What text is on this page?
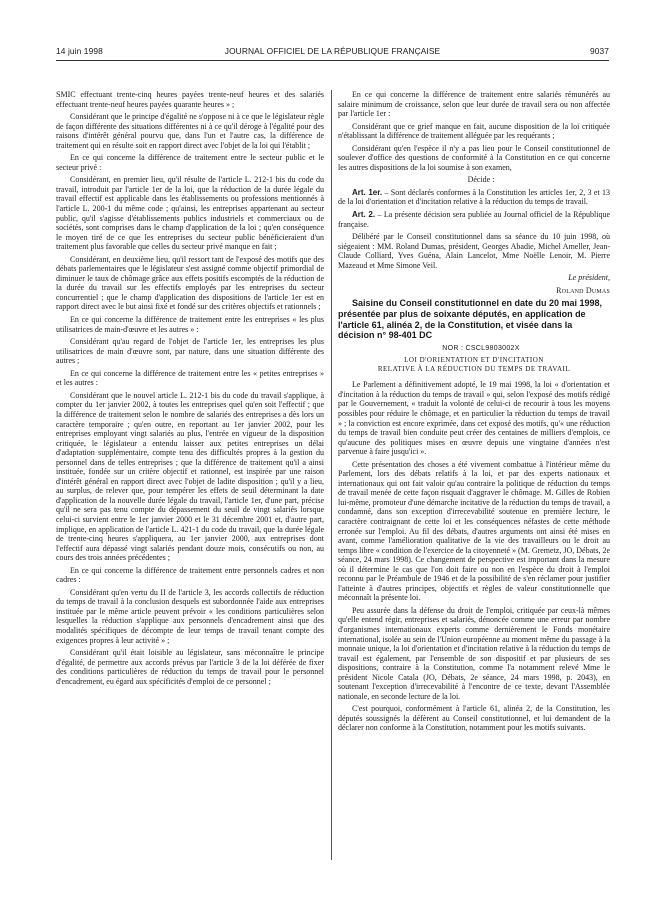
14 juin 1998	JOURNAL OFFICIEL DE LA RÉPUBLIQUE FRANÇAISE	9037

SMIC effectuant trente-cinq heures payées trente-neuf heures et des salariés effectuant trente-neuf heures payées quarante heures » ;

Considérant que le principe d'égalité ne s'oppose ni à ce que le législateur règle de façon différente des situations différentes ni à ce qu'il déroge à l'égalité pour des raisons d'intérêt général pourvu que, dans l'un et l'autre cas, la différence de traitement qui en résulte soit en rapport direct avec l'objet de la loi qui l'établit ;

En ce qui concerne la différence de traitement entre le secteur public et le secteur privé :

Considérant, en premier lieu, qu'il résulte de l'article L. 212-1 bis du code du travail, introduit par l'article 1er de la loi, que la réduction de la durée légale du travail effectif est applicable dans les établissements ou professions mentionnés à l'article L. 200-1 du même code ; qu'ainsi, les entreprises appartenant au secteur public, qu'il s'agisse d'établissements publics industriels et commerciaux ou de sociétés, sont comprises dans le champ d'application de la loi ; qu'en conséquence le moyen tiré de ce que les entreprises du secteur public bénéficieraient d'un traitement plus favorable que celles du secteur privé manque en fait ;

Considérant, en deuxième lieu, qu'il ressort tant de l'exposé des motifs que des débats parlementaires que le législateur s'est assigné comme objectif primordial de diminuer le taux de chômage grâce aux effets positifs escomptés de la réduction de la durée du travail sur les effectifs employés par les entreprises du secteur concurrentiel ; que le champ d'application des dispositions de l'article 1er est en rapport direct avec le but ainsi fixé et fondé sur des critères objectifs et rationnels ;

En ce qui concerne la différence de traitement entre les entreprises « les plus utilisatrices de main-d'œuvre et les autres » :

Considérant qu'au regard de l'objet de l'article 1er, les entreprises les plus utilisatrices de main d'œuvre sont, par nature, dans une situation différente des autres ;

En ce qui concerne la différence de traitement entre les « petites entreprises » et les autres :

Considérant que le nouvel article L. 212-1 bis du code du travail s'applique, à compter du 1er janvier 2002, à toutes les entreprises quel qu'en soit l'effectif ; que la différence de traitement selon le nombre de salariés des entreprises a dès lors un caractère temporaire ; qu'en outre, en reportant au 1er janvier 2002, pour les entreprises employant vingt salariés au plus, l'entrée en vigueur de la disposition critiquée, le législateur a entendu laisser aux petites entreprises un délai d'adaptation supplémentaire, compte tenu des difficultés propres à la gestion du personnel dans de telles entreprises ; que la différence de traitement qu'il a ainsi instituée, fondée sur un critère objectif et rationnel, est inspirée par une raison d'intérêt général en rapport direct avec l'objet de ladite disposition ; qu'il y a lieu, au surplus, de relever que, pour tempérer les effets de seuil déterminant la date d'application de la nouvelle durée légale du travail, l'article 1er, d'une part, précise qu'il ne sera pas tenu compte du dépassement du seuil de vingt salariés lorsque celui-ci survient entre le 1er janvier 2000 et le 31 décembre 2001 et, d'autre part, implique, en application de l'article L. 421-1 du code du travail, que la durée légale de trente-cinq heures s'appliquera, au 1er janvier 2000, aux entreprises dont l'effectif aura dépassé vingt salariés pendant douze mois, consécutifs ou non, au cours des trois années précédentes ;

En ce qui concerne la différence de traitement entre personnels cadres et non cadres :

Considérant qu'en vertu du II de l'article 3, les accords collectifs de réduction du temps de travail à la conclusion desquels est subordonnée l'aide aux entreprises instituée par le même article peuvent prévoir « les conditions particulières selon lesquelles la réduction s'applique aux personnels d'encadrement ainsi que des modalités spécifiques de décompte de leur temps de travail tenant compte des exigences propres à leur activité » ;

Considérant qu'il était loisible au législateur, sans méconnaître le principe d'égalité, de permettre aux accords prévus par l'article 3 de la loi déférée de fixer des conditions particulières de réduction du temps de travail pour le personnel d'encadrement, eu égard aux spécificités d'emploi de ce personnel ;

En ce qui concerne la différence de traitement entre salariés rémunérés au salaire minimum de croissance, selon que leur durée de travail sera ou non affectée par l'article 1er :

Considérant que ce grief manque en fait, aucune disposition de la loi critiquée n'établissant la différence de traitement alléguée par les requérants ;

Considérant qu'en l'espèce il n'y a pas lieu pour le Conseil constitutionnel de soulever d'office des questions de conformité à la Constitution en ce qui concerne les autres dispositions de la loi soumise à son examen,

Décide :

Art. 1er. – Sont déclarés conformes à la Constitution les articles 1er, 2, 3 et 13 de la loi d'orientation et d'incitation relative à la réduction du temps de travail.

Art. 2. – La présente décision sera publiée au Journal officiel de la République française.

Délibéré par le Conseil constitutionnel dans sa séance du 10 juin 1998, où siégeaient : MM. Roland Dumas, président, Georges Abadie, Michel Ameller, Jean-Claude Colliard, Yves Guéna, Alain Lancelot, Mme Noëlle Lenoir, M. Pierre Mazeaud et Mme Simone Veil.

Le président,

Roland Dumas

Saisine du Conseil constitutionnel en date du 20 mai 1998, présentée par plus de soixante députés, en application de l'article 61, alinéa 2, de la Constitution, et visée dans la décision n° 98-401 DC

NOR : CSCL9803002X

LOI D'ORIENTATION ET D'INCITATION
RELATIVE À LA RÉDUCTION DU TEMPS DE TRAVAIL

Le Parlement a définitivement adopté, le 19 mai 1998, la loi « d'orientation et d'incitation à la réduction du temps de travail » qui, selon l'exposé des motifs rédigé par le Gouvernement, « traduit la volonté de celui-ci de recourir à tous les moyens possibles pour réduire le chômage, et en particulier la réduction du temps de travail » ; la conviction est encore exprimée, dans cet exposé des motifs, qu'« une réduction du temps de travail bien conduite peut créer des centaines de milliers d'emplois, ce qu'aucune des politiques mises en œuvre depuis une vingtaine d'années n'est parvenue à faire jusqu'ici ».

Cette présentation des choses a été vivement combattue à l'intérieur même du Parlement, lors des débats relatifs à la loi, et par des experts nationaux et internationaux qui ont fait valoir qu'au contraire la politique de réduction du temps de travail menée de cette façon risquait d'aggraver le chômage. M. Gilles de Robien lui-même, promoteur d'une démarche incitative de la réduction du temps de travail, a condamné, dans son exception d'irrecevabilité soutenue en première lecture, le caractère contraignant de cette loi et les conséquences néfastes de cette méthode erronée sur l'emploi. Au fil des débats, d'autres arguments ont ainsi été mises en avant, comme l'amélioration qualitative de la vie des travailleurs ou le droit au temps libre « condition de l'exercice de la citoyenneté » (M. Gremetz, JO, Débats, 2e séance, 24 mars 1998). Ce changement de perspective est important dans la mesure où il détermine le cas que l'on doit faire ou non en l'espèce du droit à l'emploi reconnu par le Préambule de 1946 et de la possibilité de s'en réclamer pour justifier l'atteinte à d'autres principes, objectifs et règles de valeur constitutionnelle que méconnaît la présente loi.

Peu assurée dans la défense du droit de l'emploi, critiquée par ceux-là mêmes qu'elle entend régir, entreprises et salariés, dénoncée comme une erreur par nombre d'organismes internationaux experts comme dernièrement le Fonds monétaire international, isolée au sein de l'Union européenne au moment même du passage à la monnaie unique, la loi d'orientation et d'incitation relative à la réduction du temps de travail est également, par l'ensemble de son dispositif et par plusieurs de ses dispositions, contraire à la Constitution, comme l'a notamment relevé Mme le président Nicole Catala (JO, Débats, 2e séance, 24 mars 1998, p. 2043), en soutenant l'exception d'irrecevabilité à l'encontre de ce texte, devant l'Assemblée nationale, en seconde lecture de la loi.

C'est pourquoi, conformément à l'article 61, alinéa 2, de la Constitution, les députés soussignés la défèrent au Conseil constitutionnel, et lui demandent de la déclarer non conforme à la Constitution, notamment pour les motifs suivants.
